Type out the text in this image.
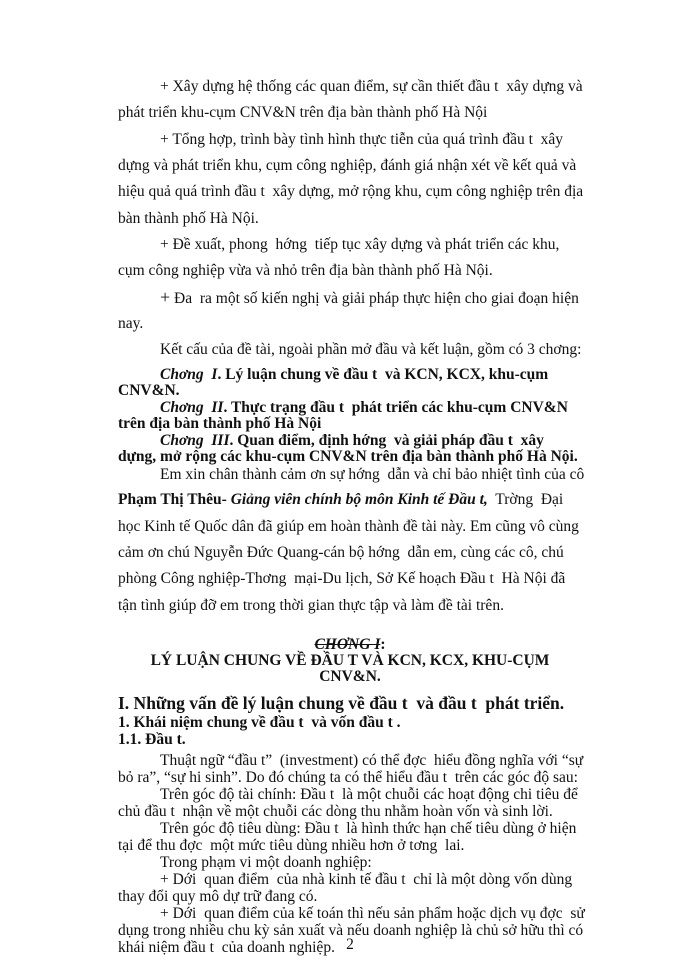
+ Xây dựng hệ thống các quan điểm, sự cần thiết đầu t  xây dựng và
phát triển khu-cụm CNV&N trên địa bàn thành phố Hà Nội
+ Tổng hợp, trình bày tình hình thực tiễn của quá trình đầu t  xây
dựng và phát triển khu, cụm công nghiệp, đánh giá nhận xét về kết quả và
hiệu quả quá trình đầu t  xây dựng, mở rộng khu, cụm công nghiệp trên địa
bàn thành phố Hà Nội.
+ Đề xuất, phong  hớng  tiếp tục xây dựng và phát triển các khu,
cụm công nghiệp vừa và nhỏ trên địa bàn thành phố Hà Nội.
+ Đa  ra một số kiến nghị và giải pháp thực hiện cho giai đoạn hiện
nay.
Kết cấu của đề tài, ngoài phần mở đầu và kết luận, gồm có 3 chơng:
Chơng  I. Lý luận chung về đầu t  và KCN, KCX, khu-cụm
CNV&N.
Chơng  II. Thực trạng đầu t  phát triển các khu-cụm CNV&N
trên địa bàn thành phố Hà Nội
Chơng  III. Quan điểm, định hớng  và giải pháp đầu t  xây
dựng, mở rộng các khu-cụm CNV&N trên địa bàn thành phố Hà Nội.
Em xin chân thành cảm ơn sự hớng  dẫn và chỉ bảo nhiệt tình của cô
Phạm Thị Thêu- Giảng viên chính bộ môn Kinh tế Đầu t,  Trờng  Đại
học Kinh tế Quốc dân đã giúp em hoàn thành đề tài này. Em cũng vô cùng
cảm ơn chú Nguyễn Đức Quang-cán bộ hớng  dẫn em, cùng các cô, chú
phòng Công nghiệp-Thơng  mại-Du lịch, Sở Kế hoạch Đầu t  Hà Nội đã
tận tình giúp đỡ em trong thời gian thực tập và làm đề tài trên.
CHƠNG I:
LÝ LUẬN CHUNG VỀ ĐẦU T VÀ KCN, KCX, KHU-CỤM
CNV&N.
I. Những vấn đề lý luận chung về đầu t  và đầu t  phát triển.
1. Khái niệm chung về đầu t  và vốn đầu t .
1.1. Đầu t.
Thuật ngữ “đầu t”  (investment) có thể đợc  hiểu đồng nghĩa với “sự
bỏ ra”, “sự hi sinh”. Do đó chúng ta có thể hiểu đầu t  trên các góc độ sau:
Trên góc độ tài chính: Đầu t  là một chuỗi các hoạt động chi tiêu để
chủ đầu t  nhận về một chuỗi các dòng thu nhằm hoàn vốn và sinh lời.
Trên góc độ tiêu dùng: Đầu t  là hình thức hạn chế tiêu dùng ở hiện
tại để thu đợc  một mức tiêu dùng nhiều hơn ở tơng  lai.
Trong phạm vi một doanh nghiệp:
+ Dới  quan điểm  của nhà kinh tế đầu t  chỉ là một dòng vốn dùng
thay đổi quy mô dự trữ đang có.
+ Dới  quan điểm của kế toán thì nếu sản phẩm hoặc dịch vụ đợc  sử
dụng trong nhiều chu kỳ sản xuất và nếu doanh nghiệp là chủ sở hữu thì có
khái niệm đầu t  của doanh nghiệp. 2
